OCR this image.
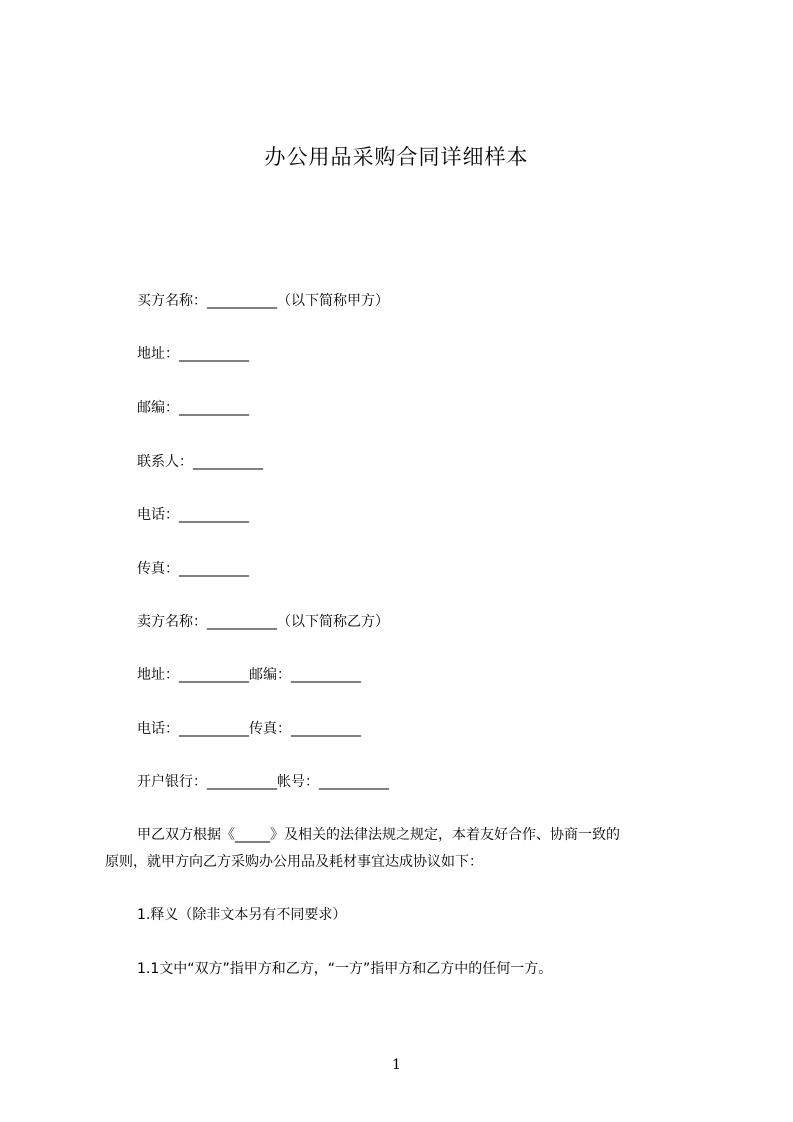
办公用品采购合同详细样本
买方名称：__________（以下简称甲方）
地址：__________
邮编：__________
联系人：__________
电话：__________
传真：__________
卖方名称：__________（以下简称乙方）
地址：__________邮编：__________
电话：__________传真：__________
开户银行：__________帐号：__________
甲乙双方根据《_____》及相关的法律法规之规定，本着友好合作、协商一致的
原则，就甲方向乙方采购办公用品及耗材事宜达成协议如下：
1.释义（除非文本另有不同要求）
1.1文中“双方”指甲方和乙方，“一方”指甲方和乙方中的任何一方。
1
